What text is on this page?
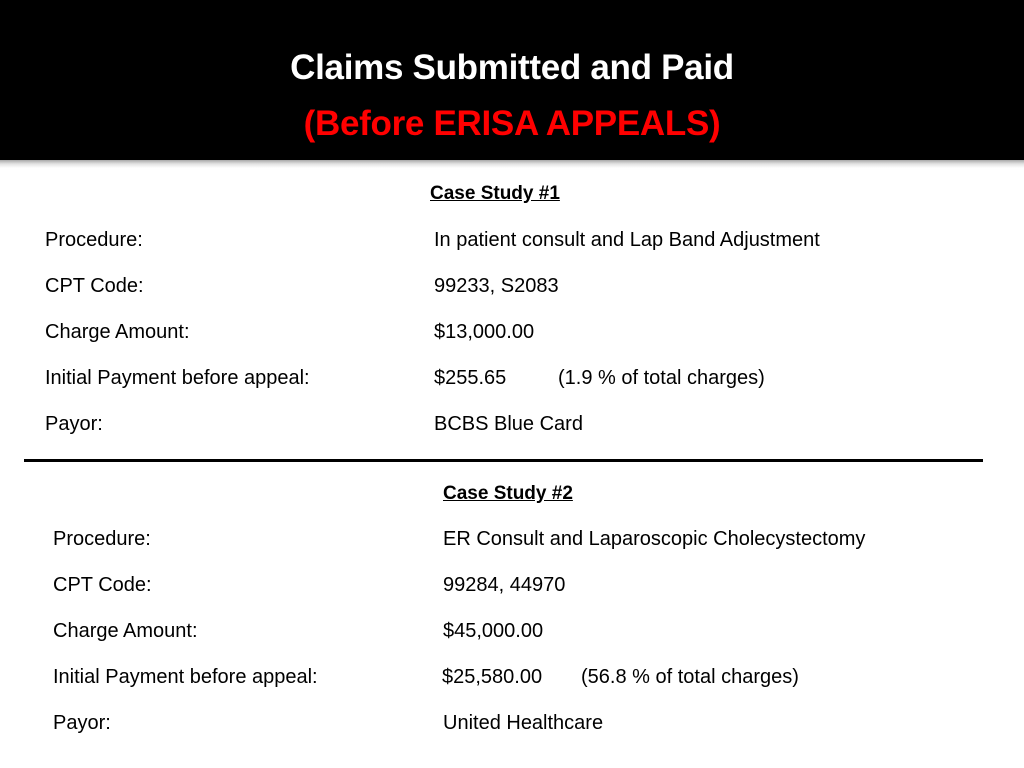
Claims Submitted and Paid
(Before ERISA APPEALS)
Case Study #1
Procedure:	In patient consult and Lap Band Adjustment
CPT Code:	99233, S2083
Charge Amount:	$13,000.00
Initial Payment before appeal:	$255.65	(1.9 % of total charges)
Payor:	BCBS Blue Card
Case Study #2
Procedure:	ER Consult and Laparoscopic Cholecystectomy
CPT Code:	99284, 44970
Charge Amount:	$45,000.00
Initial Payment before appeal:	$25,580.00 (56.8 % of total charges)
Payor:	United Healthcare
